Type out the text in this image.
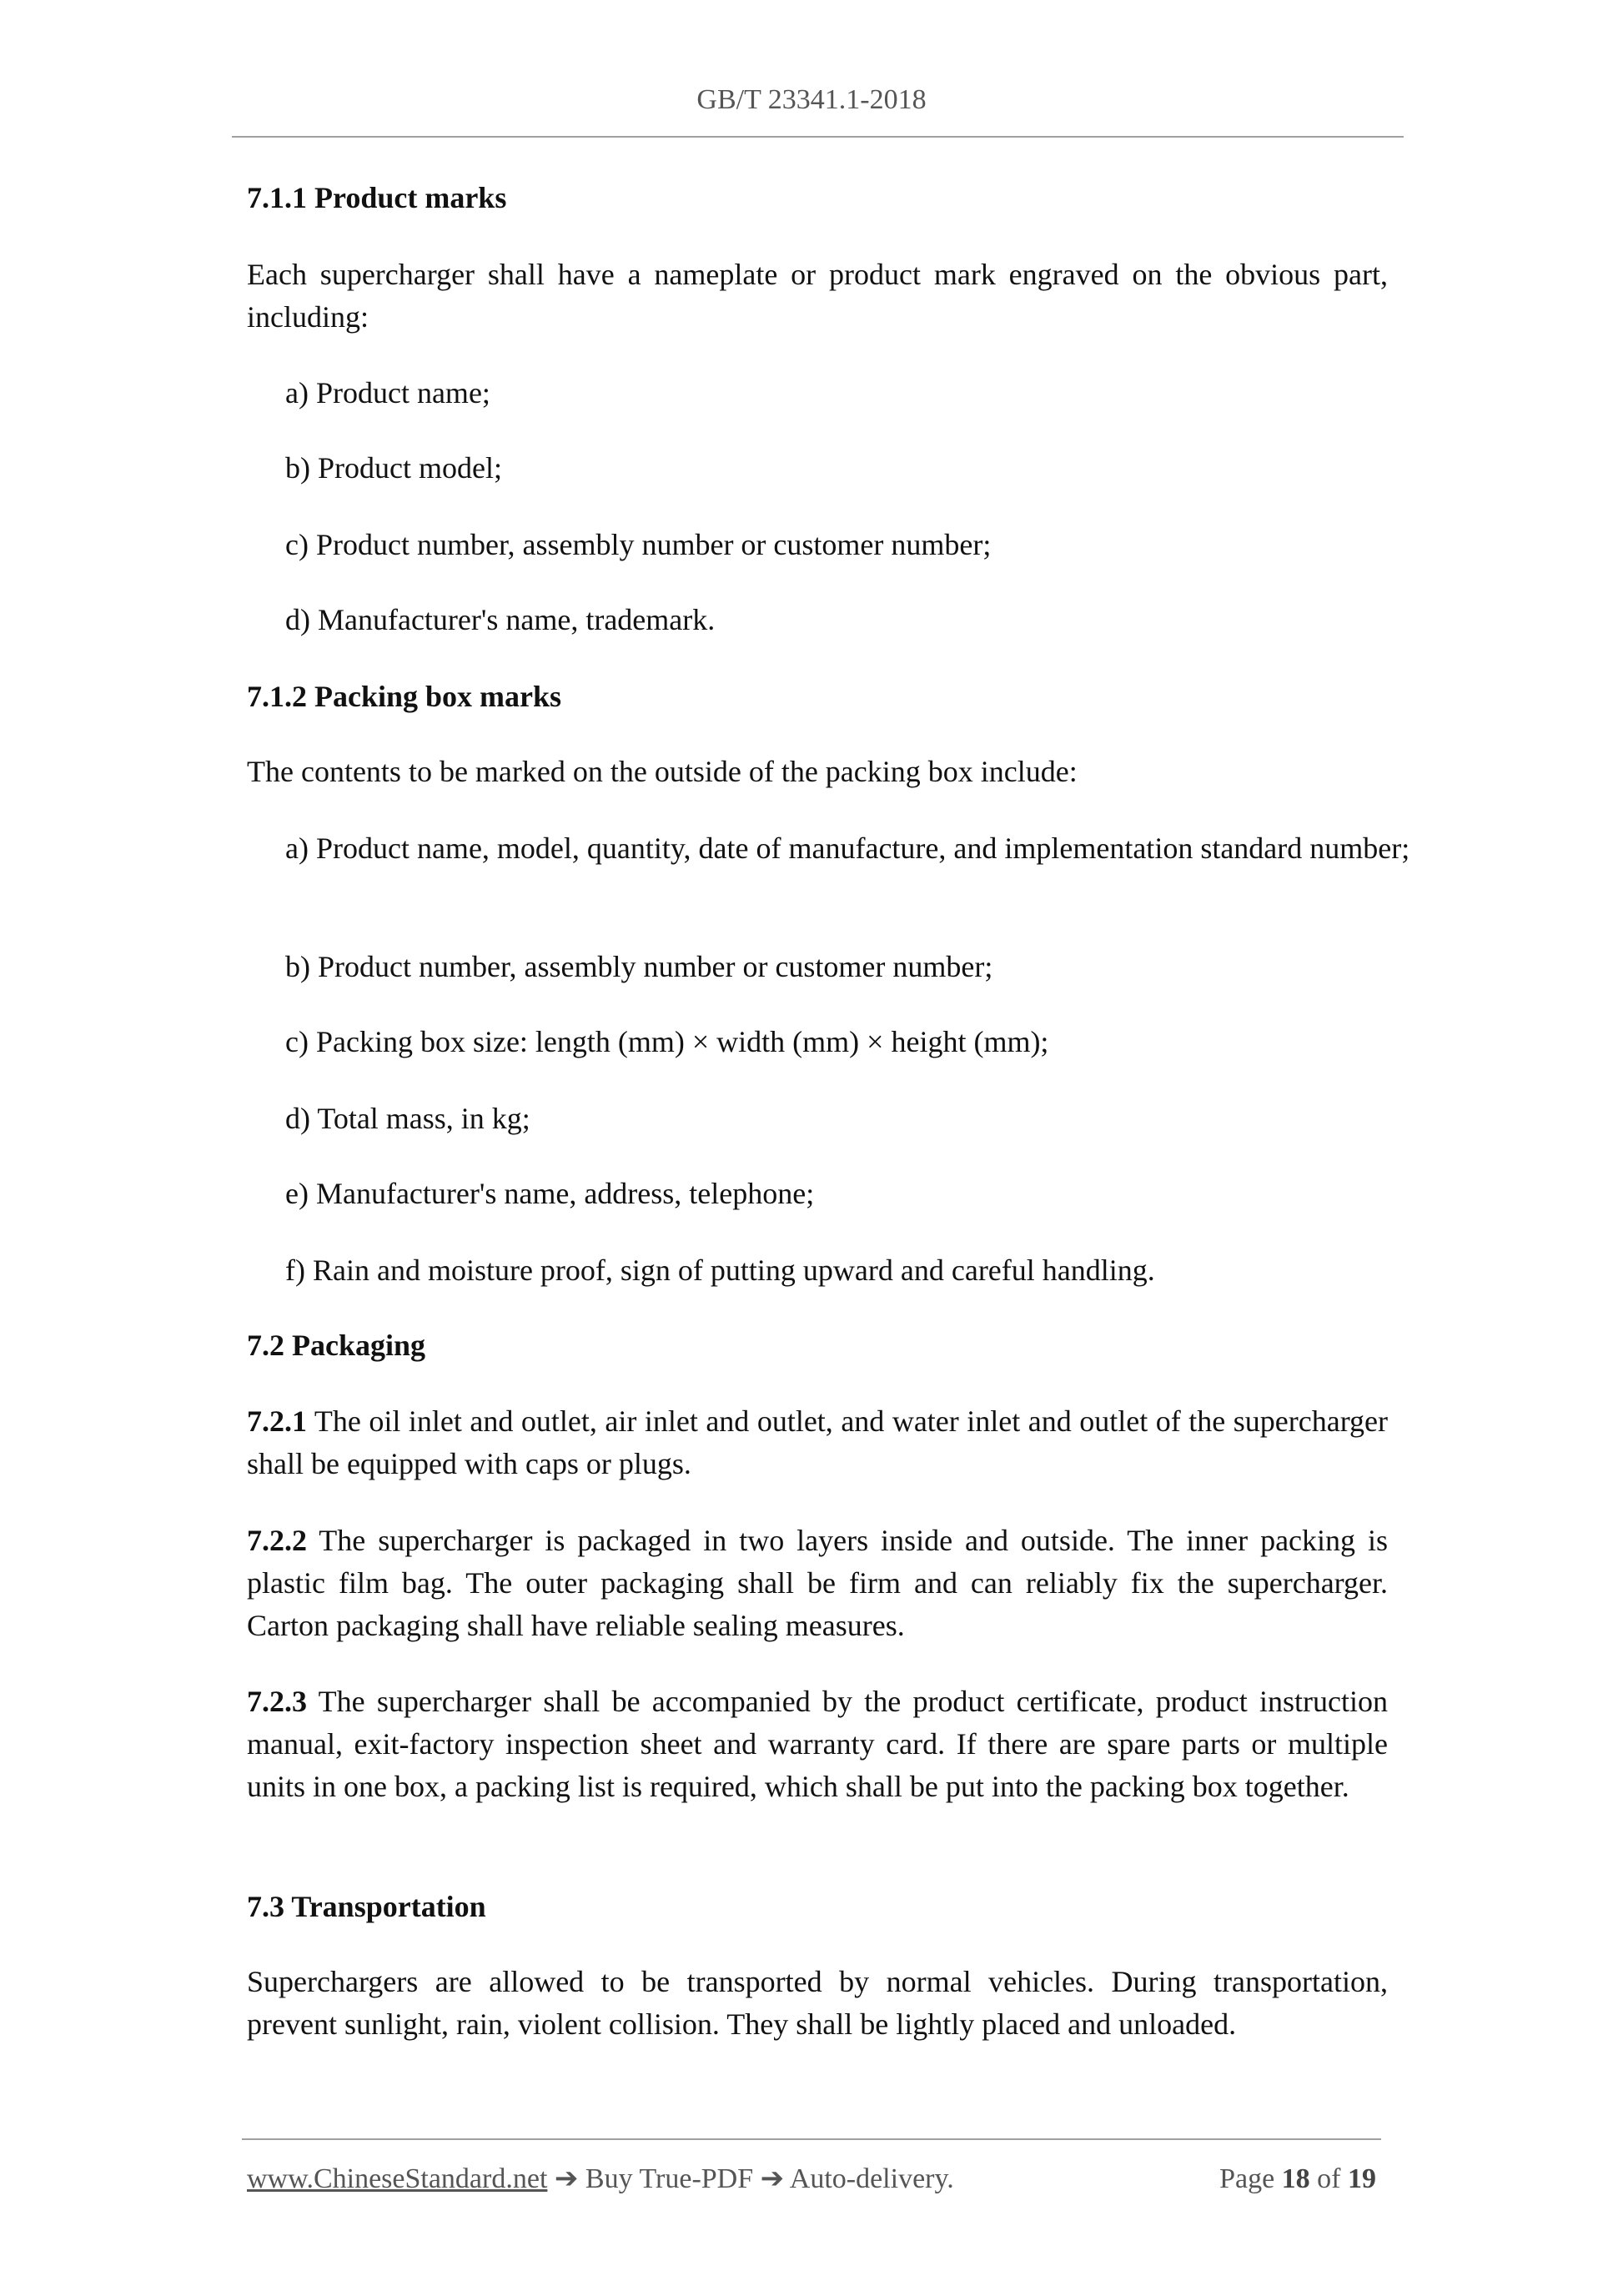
GB/T 23341.1-2018
7.1.1 Product marks
Each supercharger shall have a nameplate or product mark engraved on the obvious part, including:
a) Product name;
b) Product model;
c) Product number, assembly number or customer number;
d) Manufacturer's name, trademark.
7.1.2 Packing box marks
The contents to be marked on the outside of the packing box include:
a) Product name, model, quantity, date of manufacture, and implementation standard number;
b) Product number, assembly number or customer number;
c) Packing box size: length (mm) × width (mm) × height (mm);
d) Total mass, in kg;
e) Manufacturer's name, address, telephone;
f) Rain and moisture proof, sign of putting upward and careful handling.
7.2 Packaging
7.2.1 The oil inlet and outlet, air inlet and outlet, and water inlet and outlet of the supercharger shall be equipped with caps or plugs.
7.2.2 The supercharger is packaged in two layers inside and outside. The inner packing is plastic film bag. The outer packaging shall be firm and can reliably fix the supercharger. Carton packaging shall have reliable sealing measures.
7.2.3 The supercharger shall be accompanied by the product certificate, product instruction manual, exit-factory inspection sheet and warranty card. If there are spare parts or multiple units in one box, a packing list is required, which shall be put into the packing box together.
7.3 Transportation
Superchargers are allowed to be transported by normal vehicles. During transportation, prevent sunlight, rain, violent collision. They shall be lightly placed and unloaded.
www.ChineseStandard.net ➔ Buy True-PDF ➔ Auto-delivery.	Page 18 of 19
